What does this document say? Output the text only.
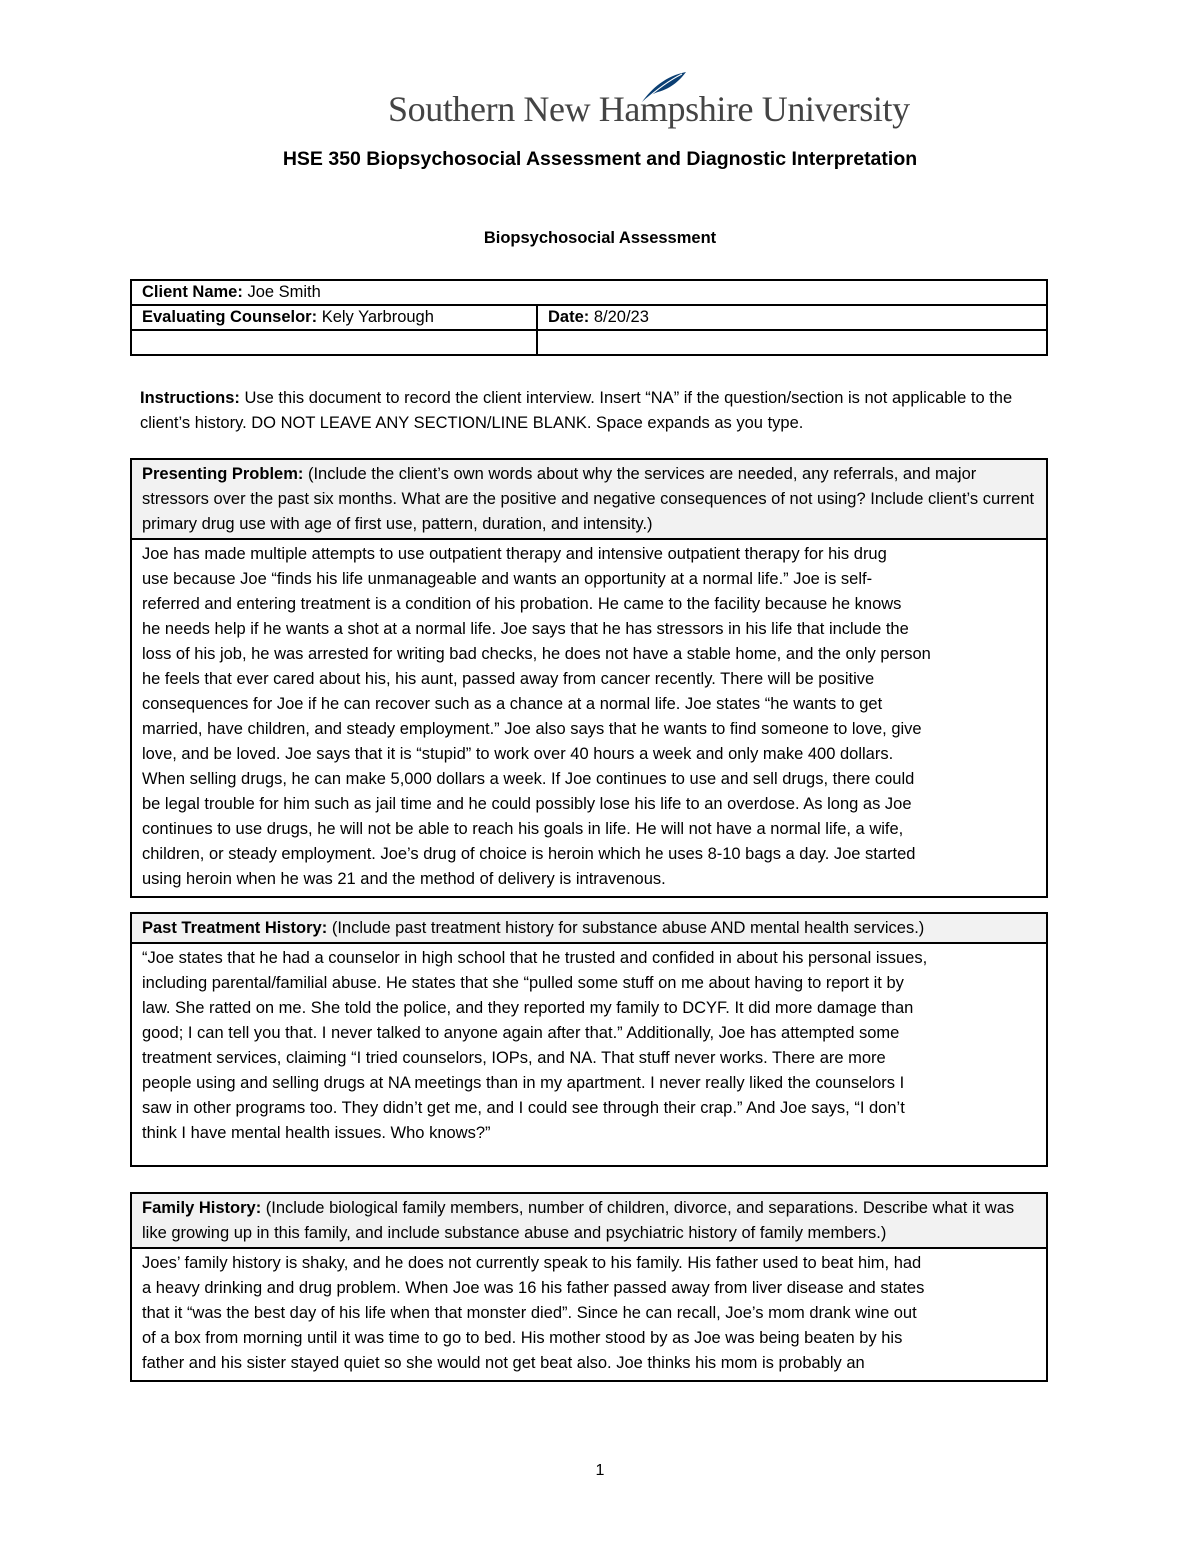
Southern New Hampshire University
HSE 350 Biopsychosocial Assessment and Diagnostic Interpretation
Biopsychosocial Assessment
Client Name: Joe Smith	
Evaluating Counselor: Kely Yarbrough	Date: 8/20/23

Instructions: Use this document to record the client interview. Insert “NA” if the question/section is not applicable to the client’s history. DO NOT LEAVE ANY SECTION/LINE BLANK. Space expands as you type.
Presenting Problem: (Include the client’s own words about why the services are needed, any referrals, and major stressors over the past six months. What are the positive and negative consequences of not using? Include client’s current primary drug use with age of first use, pattern, duration, and intensity.)
Joe has made multiple attempts to use outpatient therapy and intensive outpatient therapy for his drug
use because Joe “finds his life unmanageable and wants an opportunity at a normal life.” Joe is self-
referred and entering treatment is a condition of his probation. He came to the facility because he knows
he needs help if he wants a shot at a normal life. Joe says that he has stressors in his life that include the
loss of his job, he was arrested for writing bad checks, he does not have a stable home, and the only person
he feels that ever cared about his, his aunt, passed away from cancer recently. There will be positive
consequences for Joe if he can recover such as a chance at a normal life. Joe states “he wants to get
married, have children, and steady employment.” Joe also says that he wants to find someone to love, give
love, and be loved. Joe says that it is “stupid” to work over 40 hours a week and only make 400 dollars.
When selling drugs, he can make 5,000 dollars a week. If Joe continues to use and sell drugs, there could
be legal trouble for him such as jail time and he could possibly lose his life to an overdose. As long as Joe
continues to use drugs, he will not be able to reach his goals in life. He will not have a normal life, a wife,
children, or steady employment. Joe’s drug of choice is heroin which he uses 8-10 bags a day. Joe started
using heroin when he was 21 and the method of delivery is intravenous.
Past Treatment History: (Include past treatment history for substance abuse AND mental health services.)
“Joe states that he had a counselor in high school that he trusted and confided in about his personal issues,
including parental/familial abuse. He states that she “pulled some stuff on me about having to report it by
law. She ratted on me. She told the police, and they reported my family to DCYF. It did more damage than
good; I can tell you that. I never talked to anyone again after that.” Additionally, Joe has attempted some
treatment services, claiming “I tried counselors, IOPs, and NA. That stuff never works. There are more
people using and selling drugs at NA meetings than in my apartment. I never really liked the counselors I
saw in other programs too. They didn’t get me, and I could see through their crap.” And Joe says, “I don’t
think I have mental health issues. Who knows?”
Family History: (Include biological family members, number of children, divorce, and separations. Describe what it was like growing up in this family, and include substance abuse and psychiatric history of family members.)
Joes’ family history is shaky, and he does not currently speak to his family. His father used to beat him, had
a heavy drinking and drug problem. When Joe was 16 his father passed away from liver disease and states
that it “was the best day of his life when that monster died”. Since he can recall, Joe’s mom drank wine out
of a box from morning until it was time to go to bed. His mother stood by as Joe was being beaten by his
father and his sister stayed quiet so she would not get beat also. Joe thinks his mom is probably an
1
